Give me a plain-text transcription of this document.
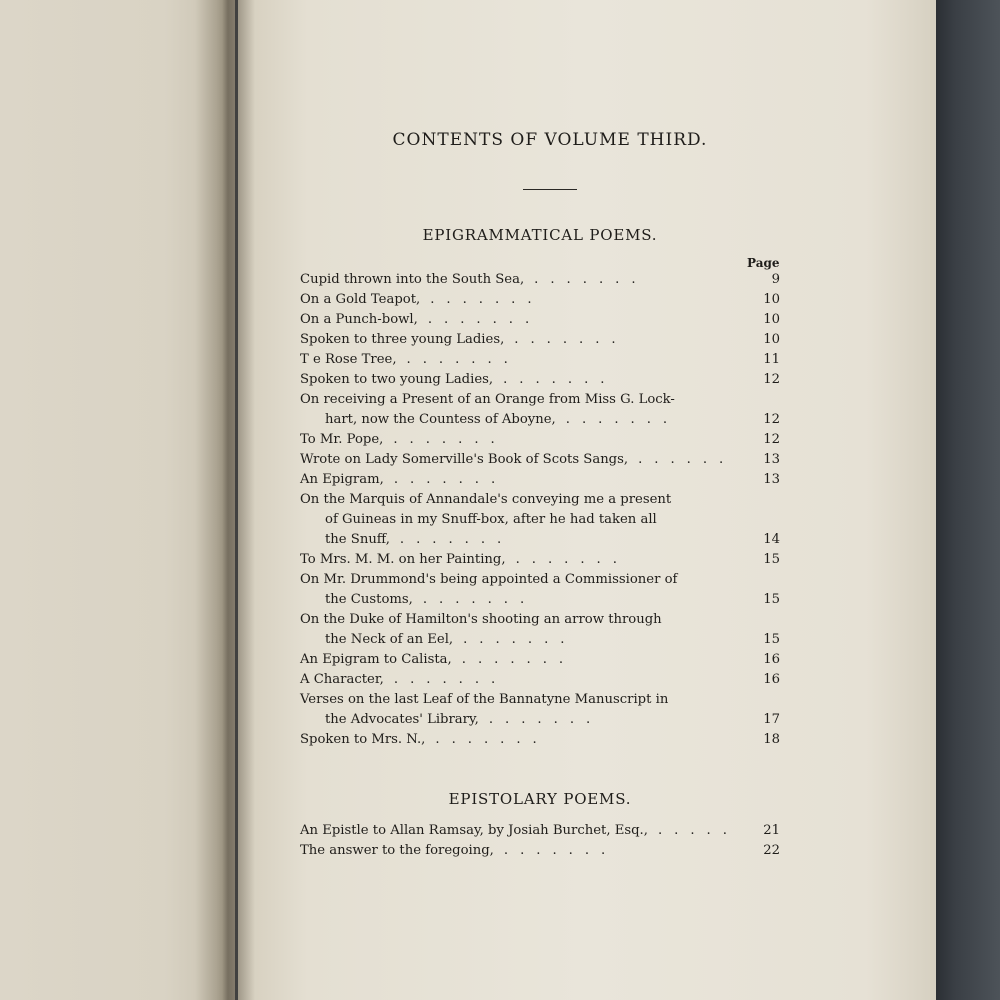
CONTENTS OF VOLUME THIRD.
EPIGRAMMATICAL POEMS.
Page
Cupid thrown into the South Sea, .......	9
On a Gold Teapot, .......	10
On a Punch-bowl, .......	10
Spoken to three young Ladies, .......	10
T e Rose Tree, .......	11
Spoken to two young Ladies, .......	12
On receiving a Present of an Orange from Miss G. Lock-
hart, now the Countess of Aboyne, .......	12
To Mr. Pope, .......	12
Wrote on Lady Somerville's Book of Scots Sangs, ......	13
An Epigram, .......	13
On the Marquis of Annandale's conveying me a present
of Guineas in my Snuff-box, after he had taken all
the Snuff, .......	14
To Mrs. M. M. on her Painting, .......	15
On Mr. Drummond's being appointed a Commissioner of
the Customs, .......	15
On the Duke of Hamilton's shooting an arrow through
the Neck of an Eel, .......	15
An Epigram to Calista, .......	16
A Character, .......	16
Verses on the last Leaf of the Bannatyne Manuscript in
the Advocates' Library, .......	17
Spoken to Mrs. N., .......	18
EPISTOLARY POEMS.
An Epistle to Allan Ramsay, by Josiah Burchet, Esq., .....	21
The answer to the foregoing, .......	22
